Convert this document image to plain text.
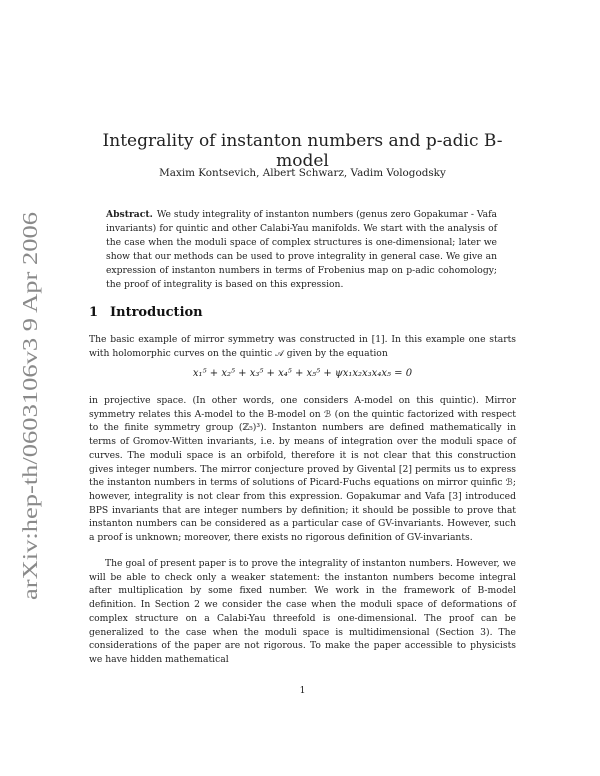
arXiv:hep-th/0603106v3 9 Apr 2006
Integrality of instanton numbers and p-adic B-model
Maxim Kontsevich, Albert Schwarz, Vadim Vologodsky
Abstract. We study integrality of instanton numbers (genus zero Gopakumar - Vafa invariants) for quintic and other Calabi-Yau manifolds. We start with the analysis of the case when the moduli space of complex structures is one-dimensional; later we show that our methods can be used to prove integrality in general case. We give an expression of instanton numbers in terms of Frobenius map on p-adic cohomology; the proof of integrality is based on this expression.
1 Introduction
The basic example of mirror symmetry was constructed in [1]. In this example one starts with holomorphic curves on the quintic 𝒜 given by the equation
x₁⁵ + x₂⁵ + x₃⁵ + x₄⁵ + x₅⁵ + ψx₁x₂x₃x₄x₅ = 0
in projective space. (In other words, one considers A-model on this quintic). Mirror symmetry relates this A-model to the B-model on ℬ (on the quintic factorized with respect to the finite symmetry group (ℤ₅)³). Instanton numbers are defined mathematically in terms of Gromov-Witten invariants, i.e. by means of integration over the moduli space of curves. The moduli space is an orbifold, therefore it is not clear that this construction gives integer numbers. The mirror conjecture proved by Givental [2] permits us to express the instanton numbers in terms of solutions of Picard-Fuchs equations on mirror quinfic ℬ; however, integrality is not clear from this expression. Gopakumar and Vafa [3] introduced BPS invariants that are integer numbers by definition; it should be possible to prove that instanton numbers can be considered as a particular case of GV-invariants. However, such a proof is unknown; moreover, there exists no rigorous definition of GV-invariants.
The goal of present paper is to prove the integrality of instanton numbers. However, we will be able to check only a weaker statement: the instanton numbers become integral after multiplication by some fixed number. We work in the framework of B-model definition. In Section 2 we consider the case when the moduli space of deformations of complex structure on a Calabi-Yau threefold is one-dimensional. The proof can be generalized to the case when the moduli space is multidimensional (Section 3). The considerations of the paper are not rigorous. To make the paper accessible to physicists we have hidden mathematical
1
